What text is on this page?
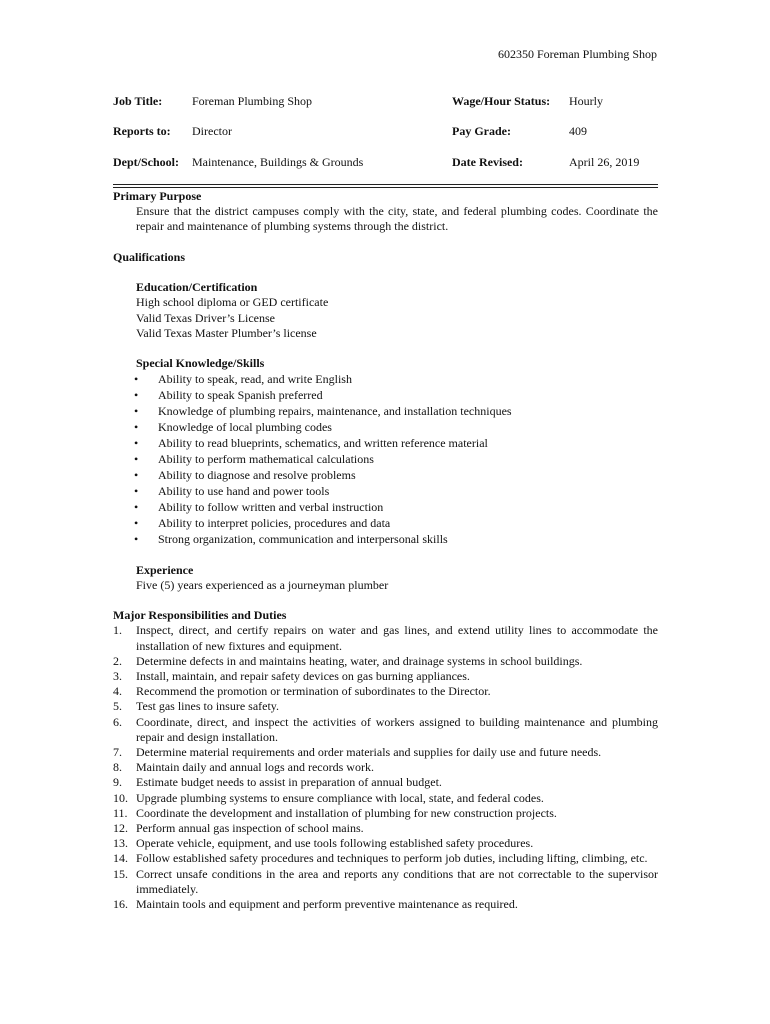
602350 Foreman Plumbing Shop
Job Title: Foreman Plumbing Shop	Wage/Hour Status: Hourly
Reports to: Director	Pay Grade:	409
Dept/School: Maintenance, Buildings & Grounds	Date Revised:	April 26, 2019

Primary Purpose

Ensure that the district campuses comply with the city, state, and federal plumbing codes. Coordinate the repair and maintenance of plumbing systems through the district.

Qualifications

Education/Certification

High school diploma or GED certificate

Valid Texas Driver’s License

Valid Texas Master Plumber’s license

Special Knowledge/Skills

• Ability to speak, read, and write English
• Ability to speak Spanish preferred
• Knowledge of plumbing repairs, maintenance, and installation techniques
• Knowledge of local plumbing codes
• Ability to read blueprints, schematics, and written reference material
• Ability to perform mathematical calculations
• Ability to diagnose and resolve problems
• Ability to use hand and power tools
• Ability to follow written and verbal instruction
• Ability to interpret policies, procedures and data
• Strong organization, communication and interpersonal skills

Experience

Five (5) years experienced as a journeyman plumber

Major Responsibilities and Duties

1. Inspect, direct, and certify repairs on water and gas lines, and extend utility lines to accommodate the installation of new fixtures and equipment.
2. Determine defects in and maintains heating, water, and drainage systems in school buildings.
3. Install, maintain, and repair safety devices on gas burning appliances.
4. Recommend the promotion or termination of subordinates to the Director.
5. Test gas lines to insure safety.
6. Coordinate, direct, and inspect the activities of workers assigned to building maintenance and plumbing repair and design installation.
7. Determine material requirements and order materials and supplies for daily use and future needs.
8. Maintain daily and annual logs and records work.
9. Estimate budget needs to assist in preparation of annual budget.
10. Upgrade plumbing systems to ensure compliance with local, state, and federal codes.
11. Coordinate the development and installation of plumbing for new construction projects.
12. Perform annual gas inspection of school mains.
13. Operate vehicle, equipment, and use tools following established safety procedures.
14. Follow established safety procedures and techniques to perform job duties, including lifting, climbing, etc.
15. Correct unsafe conditions in the area and reports any conditions that are not correctable to the supervisor immediately.
16. Maintain tools and equipment and perform preventive maintenance as required.
